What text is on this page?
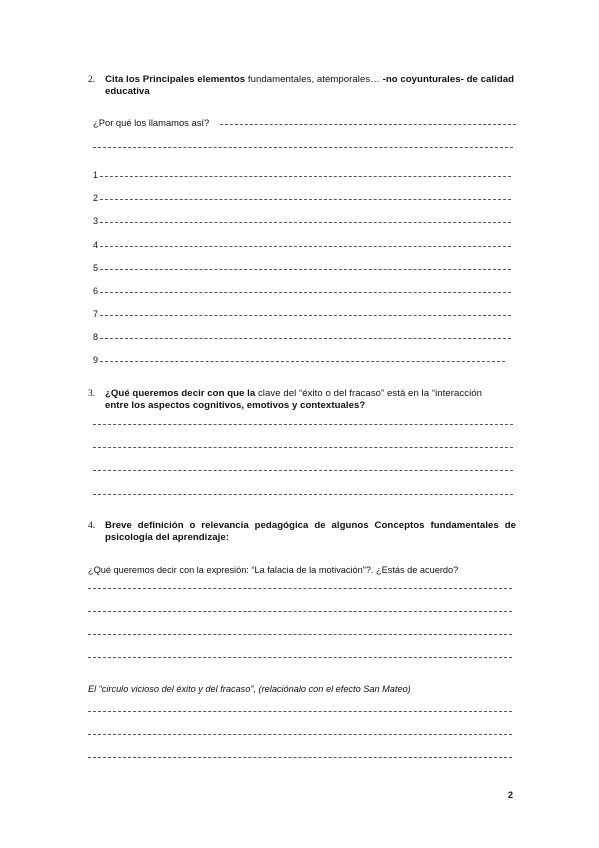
2. Cita los Principales elementos fundamentales, atemporales… -no coyunturales- de calidad educativa
¿Por qué los llamamos así?
1
2
3
4
5
6
7
8
9
3. ¿Qué queremos decir con que la clave del “éxito o del fracaso” está en la “interacción
entre los aspectos cognitivos, emotivos y contextuales?
4. Breve definición o relevancia pedagógica de algunos Conceptos fundamentales de psicología del aprendizaje:
¿Qué queremos decir con la expresión: “La falacia de la motivación”?. ¿Estás de acuerdo?
El “circulo vicioso del éxito y del fracaso”, (relaciónalo con el efecto San Mateo)
2
